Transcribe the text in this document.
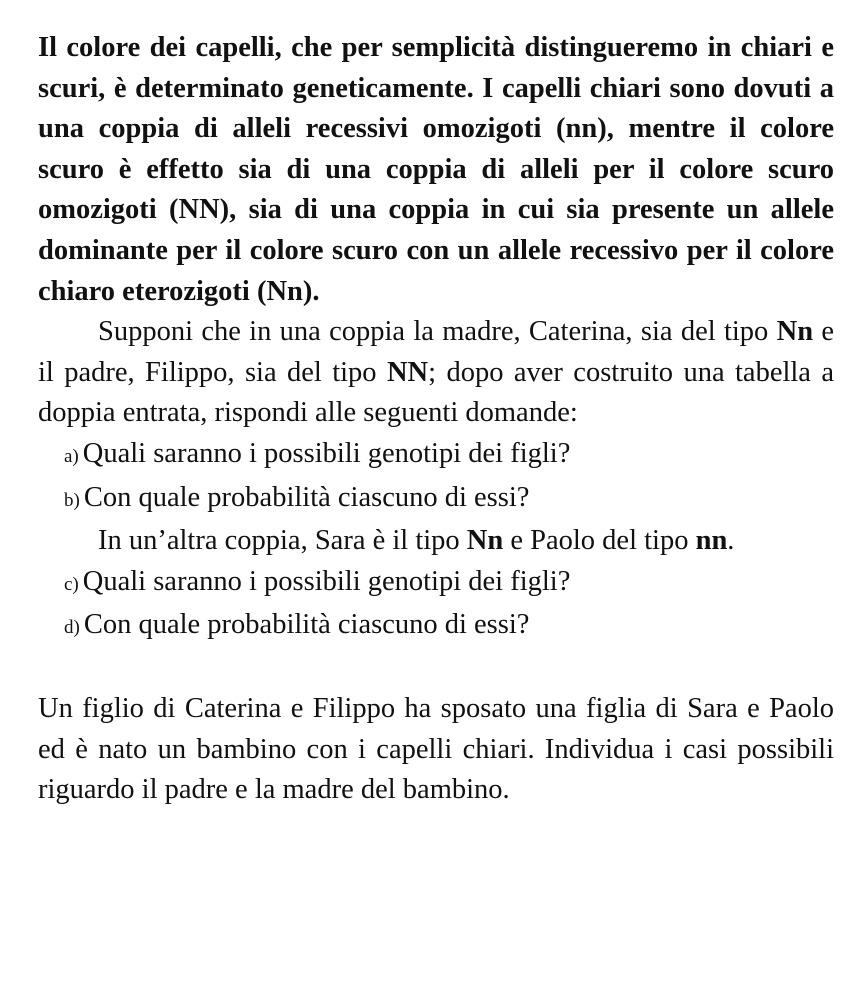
Il colore dei capelli, che per semplicità distingueremo in chiari e scuri, è determinato geneticamente. I capelli chiari sono dovuti a una coppia di alleli recessivi omozigoti (nn), mentre il colore scuro è effetto sia di una coppia di alleli per il colore scuro omozigoti (NN), sia di una coppia in cui sia presente un allele dominante per il colore scuro con un allele recessivo per il colore chiaro eterozigoti (Nn).

Supponi che in una coppia la madre, Caterina, sia del tipo Nn e il padre, Filippo, sia del tipo NN; dopo aver costruito una tabella a doppia entrata, rispondi alle seguenti domande:

a) Quali saranno i possibili genotipi dei figli?

b) Con quale probabilità ciascuno di essi?

In un’altra coppia, Sara è il tipo Nn e Paolo del tipo nn.

c) Quali saranno i possibili genotipi dei figli?

d) Con quale probabilità ciascuno di essi?

Un figlio di Caterina e Filippo ha sposato una figlia di Sara e Paolo ed è nato un bambino con i capelli chiari. Individua i casi possibili riguardo il padre e la madre del bambino.
